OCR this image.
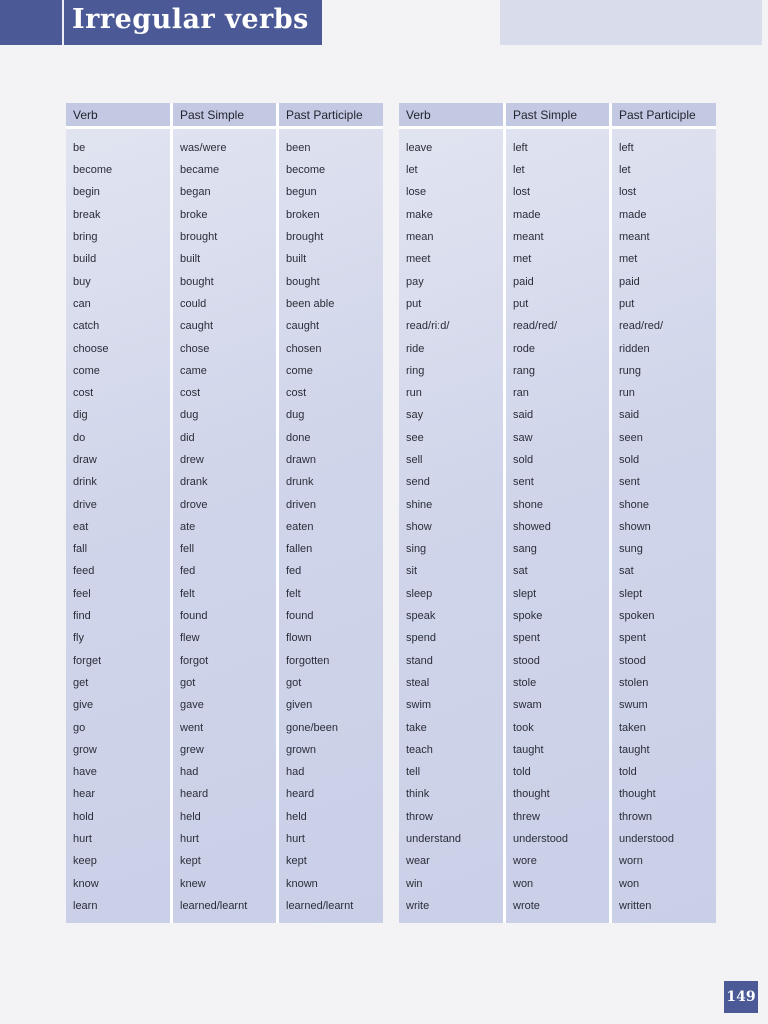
Irregular verbs
Verb	Past Simple	Past Participle
be	was/were	been
become	became	become
begin	began	begun
break	broke	broken
bring	brought	brought
build	built	built
buy	bought	bought
can	could	been able
catch	caught	caught
choose	chose	chosen
come	came	come
cost	cost	cost
dig	dug	dug
do	did	done
draw	drew	drawn
drink	drank	drunk
drive	drove	driven
eat	ate	eaten
fall	fell	fallen
feed	fed	fed
feel	felt	felt
find	found	found
fly	flew	flown
forget	forgot	forgotten
get	got	got
give	gave	given
go	went	gone/been
grow	grew	grown
have	had	had
hear	heard	heard
hold	held	held
hurt	hurt	hurt
keep	kept	kept
know	knew	known
learn	learned/learnt	learned/learnt
Verb	Past Simple	Past Participle
leave	left	left
let	let	let
lose	lost	lost
make	made	made
mean	meant	meant
meet	met	met
pay	paid	paid
put	put	put
read/riːd/	read/red/	read/red/
ride	rode	ridden
ring	rang	rung
run	ran	run
say	said	said
see	saw	seen
sell	sold	sold
send	sent	sent
shine	shone	shone
show	showed	shown
sing	sang	sung
sit	sat	sat
sleep	slept	slept
speak	spoke	spoken
spend	spent	spent
stand	stood	stood
steal	stole	stolen
swim	swam	swum
take	took	taken
teach	taught	taught
tell	told	told
think	thought	thought
throw	threw	thrown
understand	understood	understood
wear	wore	worn
win	won	won
write	wrote	written
149
